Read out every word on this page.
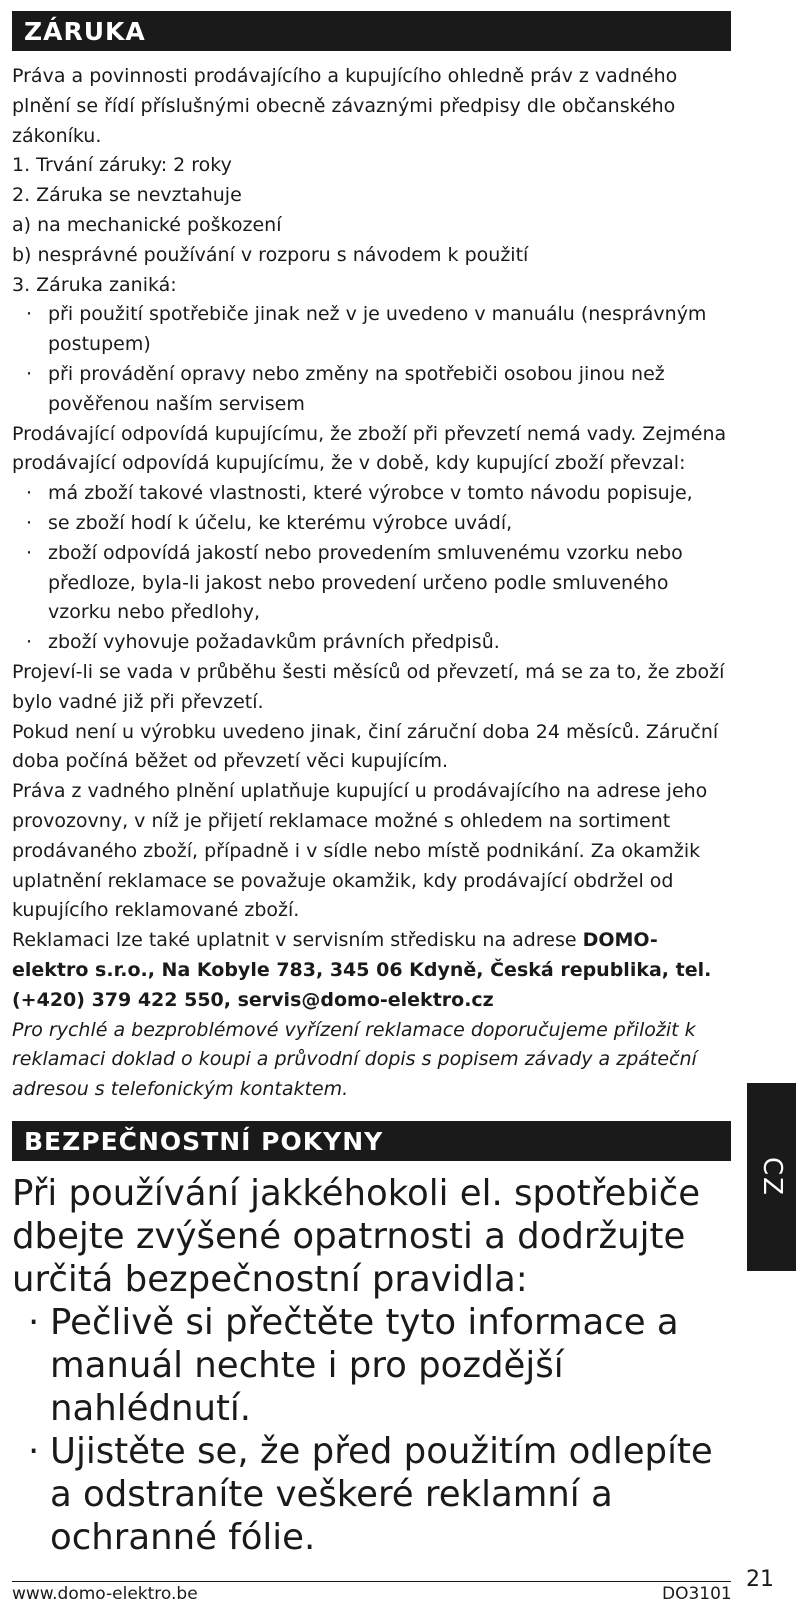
ZÁRUKA

Práva a povinnosti prodávajícího a kupujícího ohledně práv z vadného plnění se řídí příslušnými obecně závaznými předpisy dle občanského zákoníku.

1. Trvání záruky: 2 roky

2. Záruka se nevztahuje

a) na mechanické poškození

b) nesprávné používání v rozporu s návodem k použití

3. Záruka zaniká:

· při použití spotřebiče jinak než v je uvedeno v manuálu (nesprávným postupem)

· při provádění opravy nebo změny na spotřebiči osobou jinou než pověřenou naším servisem

Prodávající odpovídá kupujícímu, že zboží při převzetí nemá vady. Zejména prodávající odpovídá kupujícímu, že v době, kdy kupující zboží převzal:

· má zboží takové vlastnosti, které výrobce v tomto návodu popisuje,

· se zboží hodí k účelu, ke kterému výrobce uvádí,

· zboží odpovídá jakostí nebo provedením smluvenému vzorku nebo předloze, byla-li jakost nebo provedení určeno podle smluveného vzorku nebo předlohy,

· zboží vyhovuje požadavkům právních předpisů.

Projeví-li se vada v průběhu šesti měsíců od převzetí, má se za to, že zboží bylo vadné již při převzetí.

Pokud není u výrobku uvedeno jinak, činí záruční doba 24 měsíců. Záruční doba počíná běžet od převzetí věci kupujícím.

Práva z vadného plnění uplatňuje kupující u prodávajícího na adrese jeho provozovny, v níž je přijetí reklamace možné s ohledem na sortiment prodávaného zboží, případně i v sídle nebo místě podnikání. Za okamžik uplatnění reklamace se považuje okamžik, kdy prodávající obdržel od kupujícího reklamované zboží.

Reklamaci lze také uplatnit v servisním středisku na adrese DOMO-elektro s.r.o., Na Kobyle 783, 345 06 Kdyně, Česká republika, tel. (+420) 379 422 550, servis@domo-elektro.cz

Pro rychlé a bezproblémové vyřízení reklamace doporučujeme přiložit k reklamaci doklad o koupi a průvodní dopis s popisem závady a zpáteční adresou s telefonickým kontaktem.

BEZPEČNOSTNÍ POKYNY

Při používání jakkéhokoli el. spotřebiče dbejte zvýšené opatrnosti a dodržujte určitá bezpečnostní pravidla:

· Pečlivě si přečtěte tyto informace a manuál nechte i pro pozdější nahlédnutí.

· Ujistěte se, že před použitím odlepíte a odstraníte veškeré reklamní a ochranné fólie.

CZ
21
www.domo-elektro.be	DO3101
